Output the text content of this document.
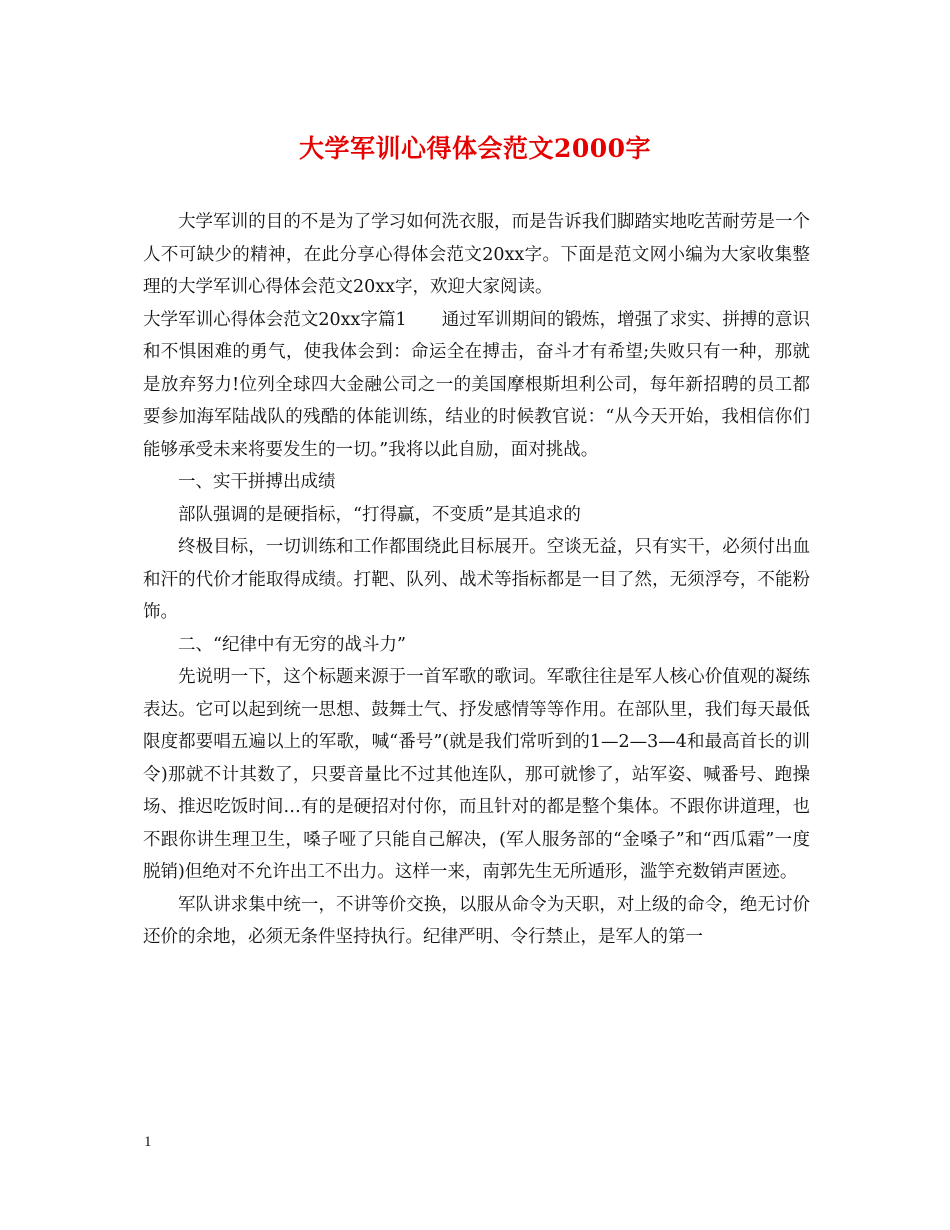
大学军训心得体会范文2000字

大学军训的目的不是为了学习如何洗衣服，而是告诉我们脚踏实地吃苦耐劳是一个人不可缺少的精神，在此分享心得体会范文20xx字。下面是范文网小编为大家收集整理的大学军训心得体会范文20xx字，欢迎大家阅读。

大学军训心得体会范文20xx字篇1　　通过军训期间的锻炼，增强了求实、拼搏的意识和不惧困难的勇气，使我体会到：命运全在搏击，奋斗才有希望;失败只有一种，那就是放弃努力!位列全球四大金融公司之一的美国摩根斯坦利公司，每年新招聘的员工都要参加海军陆战队的残酷的体能训练，结业的时候教官说：“从今天开始，我相信你们能够承受未来将要发生的一切。”我将以此自励，面对挑战。

一、实干拼搏出成绩

部队强调的是硬指标，“打得赢，不变质”是其追求的

终极目标，一切训练和工作都围绕此目标展开。空谈无益，只有实干，必须付出血和汗的代价才能取得成绩。打靶、队列、战术等指标都是一目了然，无须浮夸，不能粉饰。

二、“纪律中有无穷的战斗力”

先说明一下，这个标题来源于一首军歌的歌词。军歌往往是军人核心价值观的凝练表达。它可以起到统一思想、鼓舞士气、抒发感情等等作用。在部队里，我们每天最低限度都要唱五遍以上的军歌，喊“番号”(就是我们常听到的1—2—3—4和最高首长的训令)那就不计其数了，只要音量比不过其他连队，那可就惨了，站军姿、喊番号、跑操场、推迟吃饭时间…有的是硬招对付你，而且针对的都是整个集体。不跟你讲道理，也不跟你讲生理卫生，嗓子哑了只能自己解决，(军人服务部的“金嗓子”和“西瓜霜”一度脱销)但绝对不允许出工不出力。这样一来，南郭先生无所遁形，滥竽充数销声匿迹。

军队讲求集中统一，不讲等价交换，以服从命令为天职，对上级的命令，绝无讨价还价的余地，必须无条件坚持执行。纪律严明、令行禁止，是军人的第一

1
